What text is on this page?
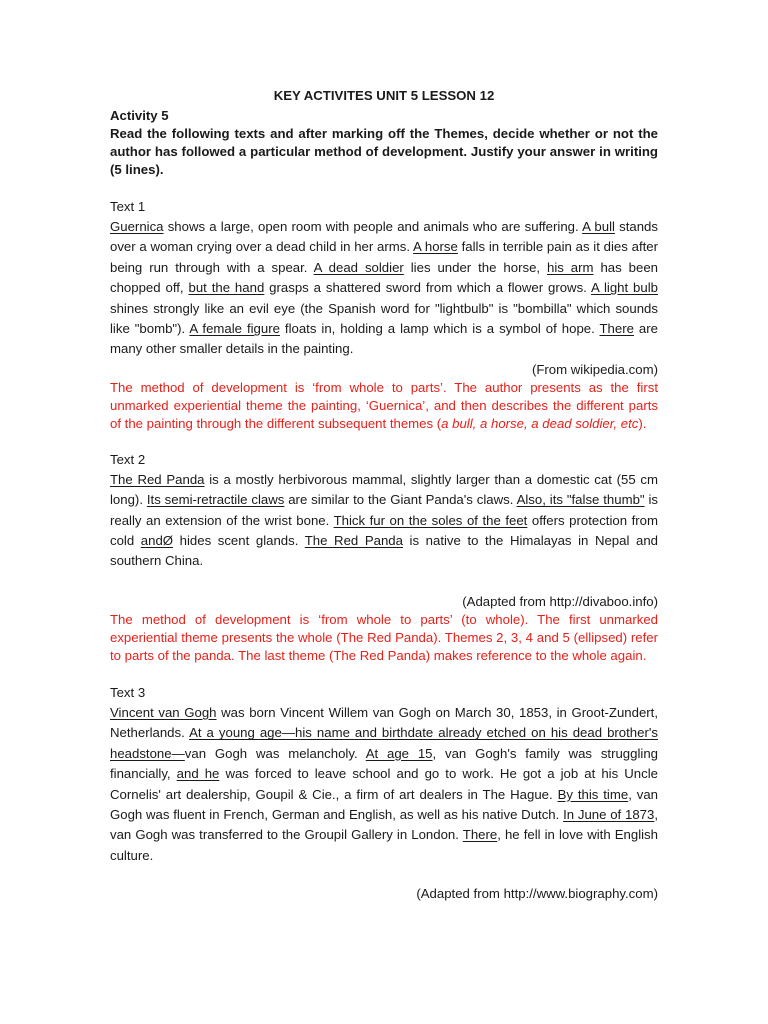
KEY ACTIVITES UNIT 5 LESSON 12
Activity 5

Read the following texts and after marking off the Themes, decide whether or not the author has followed a particular method of development. Justify your answer in writing (5 lines).

Text 1

Guernica shows a large, open room with people and animals who are suffering. A bull stands over a woman crying over a dead child in her arms. A horse falls in terrible pain as it dies after being run through with a spear. A dead soldier lies under the horse, his arm has been chopped off, but the hand grasps a shattered sword from which a flower grows. A light bulb shines strongly like an evil eye (the Spanish word for "lightbulb" is "bombilla" which sounds like "bomb"). A female figure floats in, holding a lamp which is a symbol of hope. There are many other smaller details in the painting.

(From wikipedia.com)

The method of development is ‘from whole to parts’. The author presents as the first unmarked experiential theme the painting, ‘Guernica’, and then describes the different parts of the painting through the different subsequent themes (a bull, a horse, a dead soldier, etc).

Text 2

The Red Panda is a mostly herbivorous mammal, slightly larger than a domestic cat (55 cm long). Its semi-retractile claws are similar to the Giant Panda's claws. Also, its "false thumb" is really an extension of the wrist bone. Thick fur on the soles of the feet offers protection from cold andØ hides scent glands. The Red Panda is native to the Himalayas in Nepal and southern China.

(Adapted from http://divaboo.info)

The method of development is ‘from whole to parts’ (to whole). The first unmarked experiential theme presents the whole (The Red Panda). Themes 2, 3, 4 and 5 (ellipsed) refer to parts of the panda. The last theme (The Red Panda) makes reference to the whole again.

Text 3

Vincent van Gogh was born Vincent Willem van Gogh on March 30, 1853, in Groot-Zundert, Netherlands. At a young age—his name and birthdate already etched on his dead brother's headstone—van Gogh was melancholy. At age 15, van Gogh's family was struggling financially, and he was forced to leave school and go to work. He got a job at his Uncle Cornelis' art dealership, Goupil & Cie., a firm of art dealers in The Hague. By this time, van Gogh was fluent in French, German and English, as well as his native Dutch. In June of 1873, van Gogh was transferred to the Groupil Gallery in London. There, he fell in love with English culture.

(Adapted from http://www.biography.com)
